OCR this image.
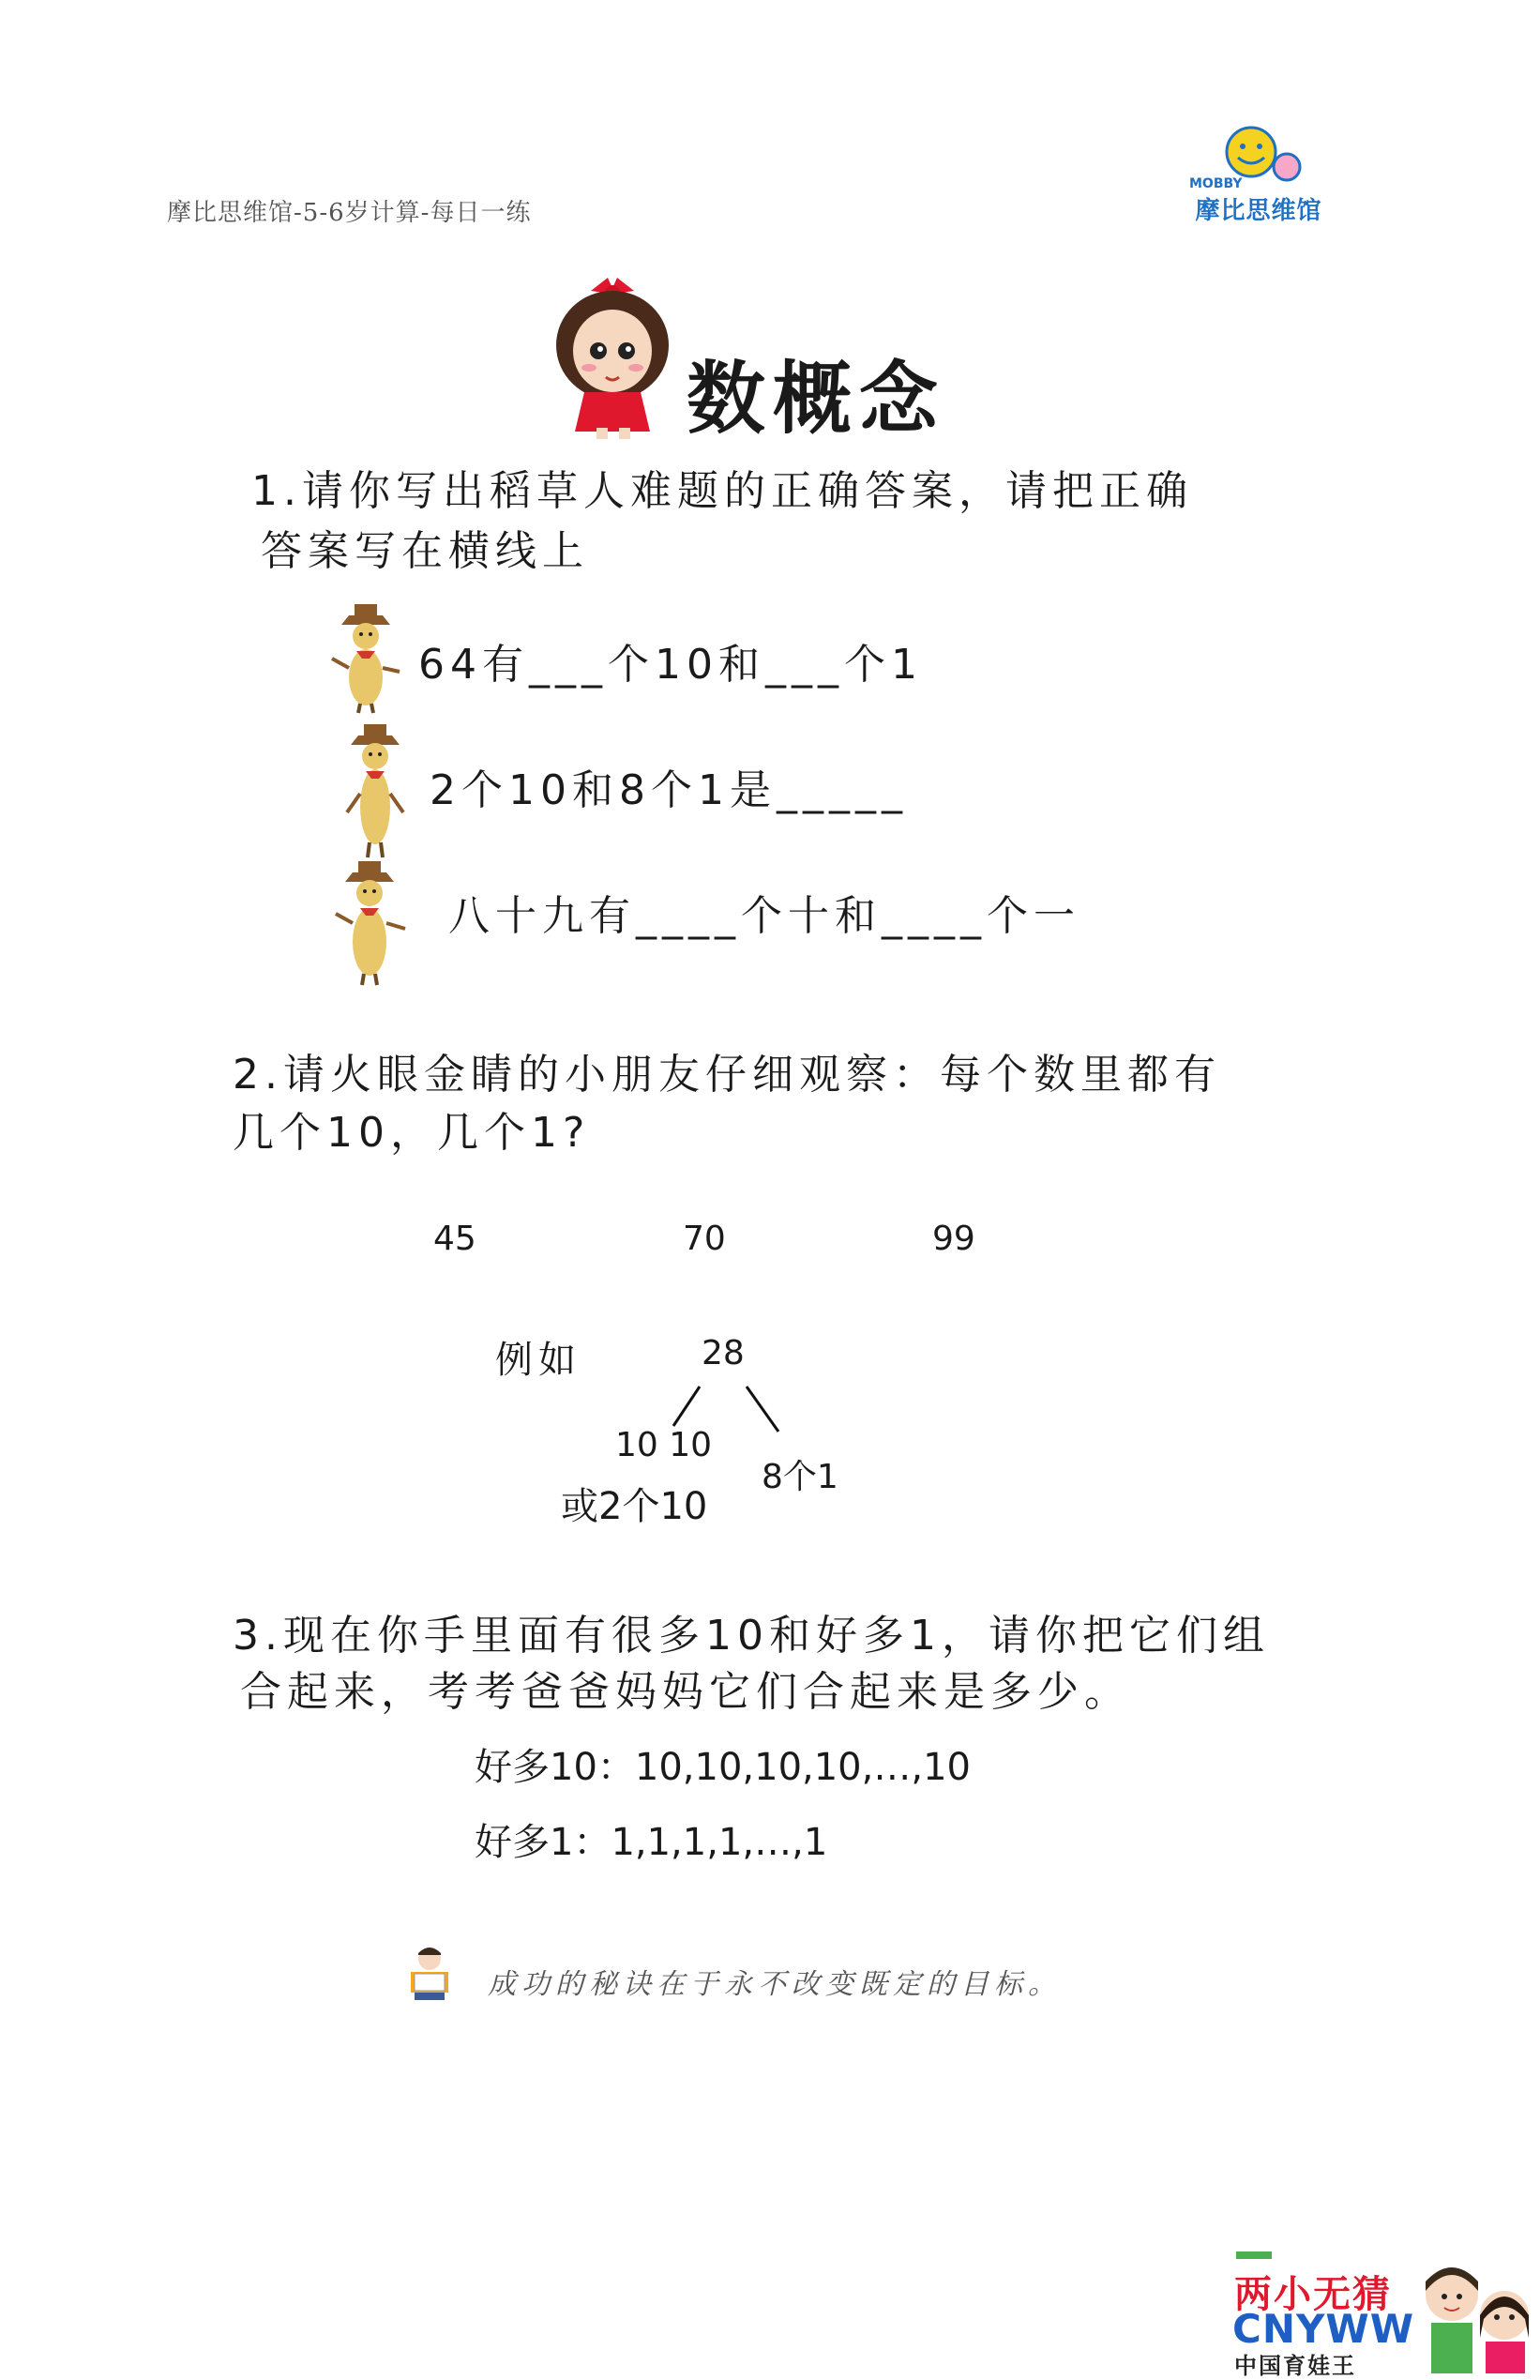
摩比思维馆-5-6岁计算-每日一练
MOBBY
摩比思维馆
数概念
1.请你写出稻草人难题的正确答案，请把正确
答案写在横线上
64有___个10和___个1
2个10和8个1是_____
八十九有____个十和____个一
2.请火眼金睛的小朋友仔细观察：每个数里都有
几个10，几个1?
45	70	99
例如	28
10 10
8个1
或2个10
3.现在你手里面有很多10和好多1，请你把它们组
合起来，考考爸爸妈妈它们合起来是多少。
好多10：10,10,10,10,…,10
好多1：1,1,1,1,…,1
成功的秘诀在于永不改变既定的目标。
两小无猜
CNYWW
中国育娃王
